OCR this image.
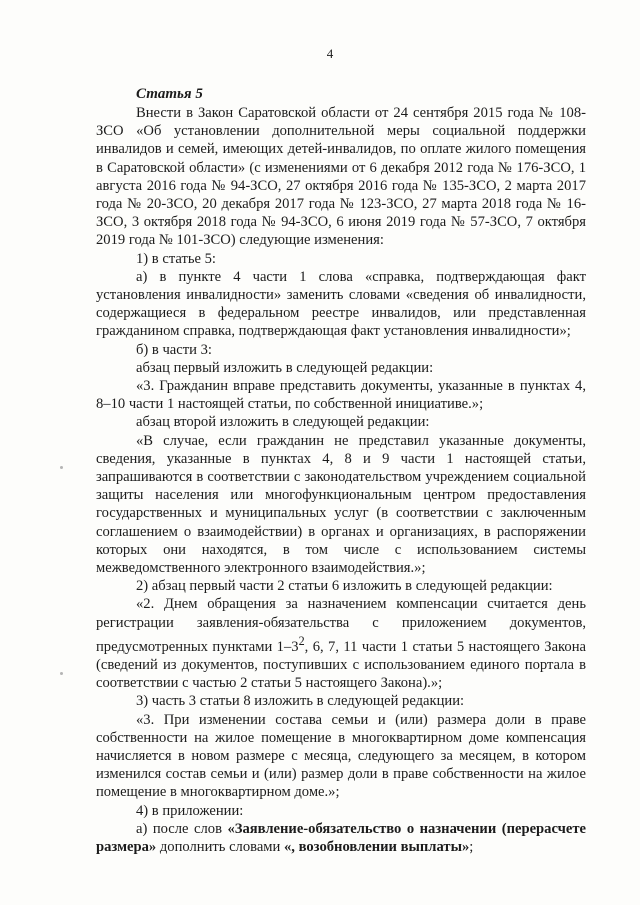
4
Статья 5

Внести в Закон Саратовской области от 24 сентября 2015 года № 108-ЗСО «Об установлении дополнительной меры социальной поддержки инвалидов и семей, имеющих детей-инвалидов, по оплате жилого помещения в Саратовской области» (с изменениями от 6 декабря 2012 года № 176-ЗСО, 1 августа 2016 года № 94-ЗСО, 27 октября 2016 года № 135-ЗСО, 2 марта 2017 года № 20-ЗСО, 20 декабря 2017 года № 123-ЗСО, 27 марта 2018 года № 16-ЗСО, 3 октября 2018 года № 94-ЗСО, 6 июня 2019 года № 57-ЗСО, 7 октября 2019 года № 101-ЗСО) следующие изменения:

1) в статье 5:

а) в пункте 4 части 1 слова «справка, подтверждающая факт установления инвалидности» заменить словами «сведения об инвалидности, содержащиеся в федеральном реестре инвалидов, или представленная гражданином справка, подтверждающая факт установления инвалидности»;

б) в части 3:

абзац первый изложить в следующей редакции:

«3. Гражданин вправе представить документы, указанные в пунктах 4, 8–10 части 1 настоящей статьи, по собственной инициативе.»;

абзац второй изложить в следующей редакции:

«В случае, если гражданин не представил указанные документы, сведения, указанные в пунктах 4, 8 и 9 части 1 настоящей статьи, запрашиваются в соответствии с законодательством учреждением социальной защиты населения или многофункциональным центром предоставления государственных и муниципальных услуг (в соответствии с заключенным соглашением о взаимодействии) в органах и организациях, в распоряжении которых они находятся, в том числе с использованием системы межведомственного электронного взаимодействия.»;

2) абзац первый части 2 статьи 6 изложить в следующей редакции:

«2. Днем обращения за назначением компенсации считается день регистрации заявления-обязательства с приложением документов, предусмотренных пунктами $1-3^2$, 6, 7, 11 части 1 статьи 5 настоящего Закона (сведений из документов, поступивших с использованием единого портала в соответствии с частью 2 статьи 5 настоящего Закона).»;

3) часть 3 статьи 8 изложить в следующей редакции:

«3. При изменении состава семьи и (или) размера доли в праве собственности на жилое помещение в многоквартирном доме компенсация начисляется в новом размере с месяца, следующего за месяцем, в котором изменился состав семьи и (или) размер доли в праве собственности на жилое помещение в многоквартирном доме.»;

4) в приложении:

а) после слов «Заявление-обязательство о назначении (перерасчете размера» дополнить словами «, возобновлении выплаты»;
